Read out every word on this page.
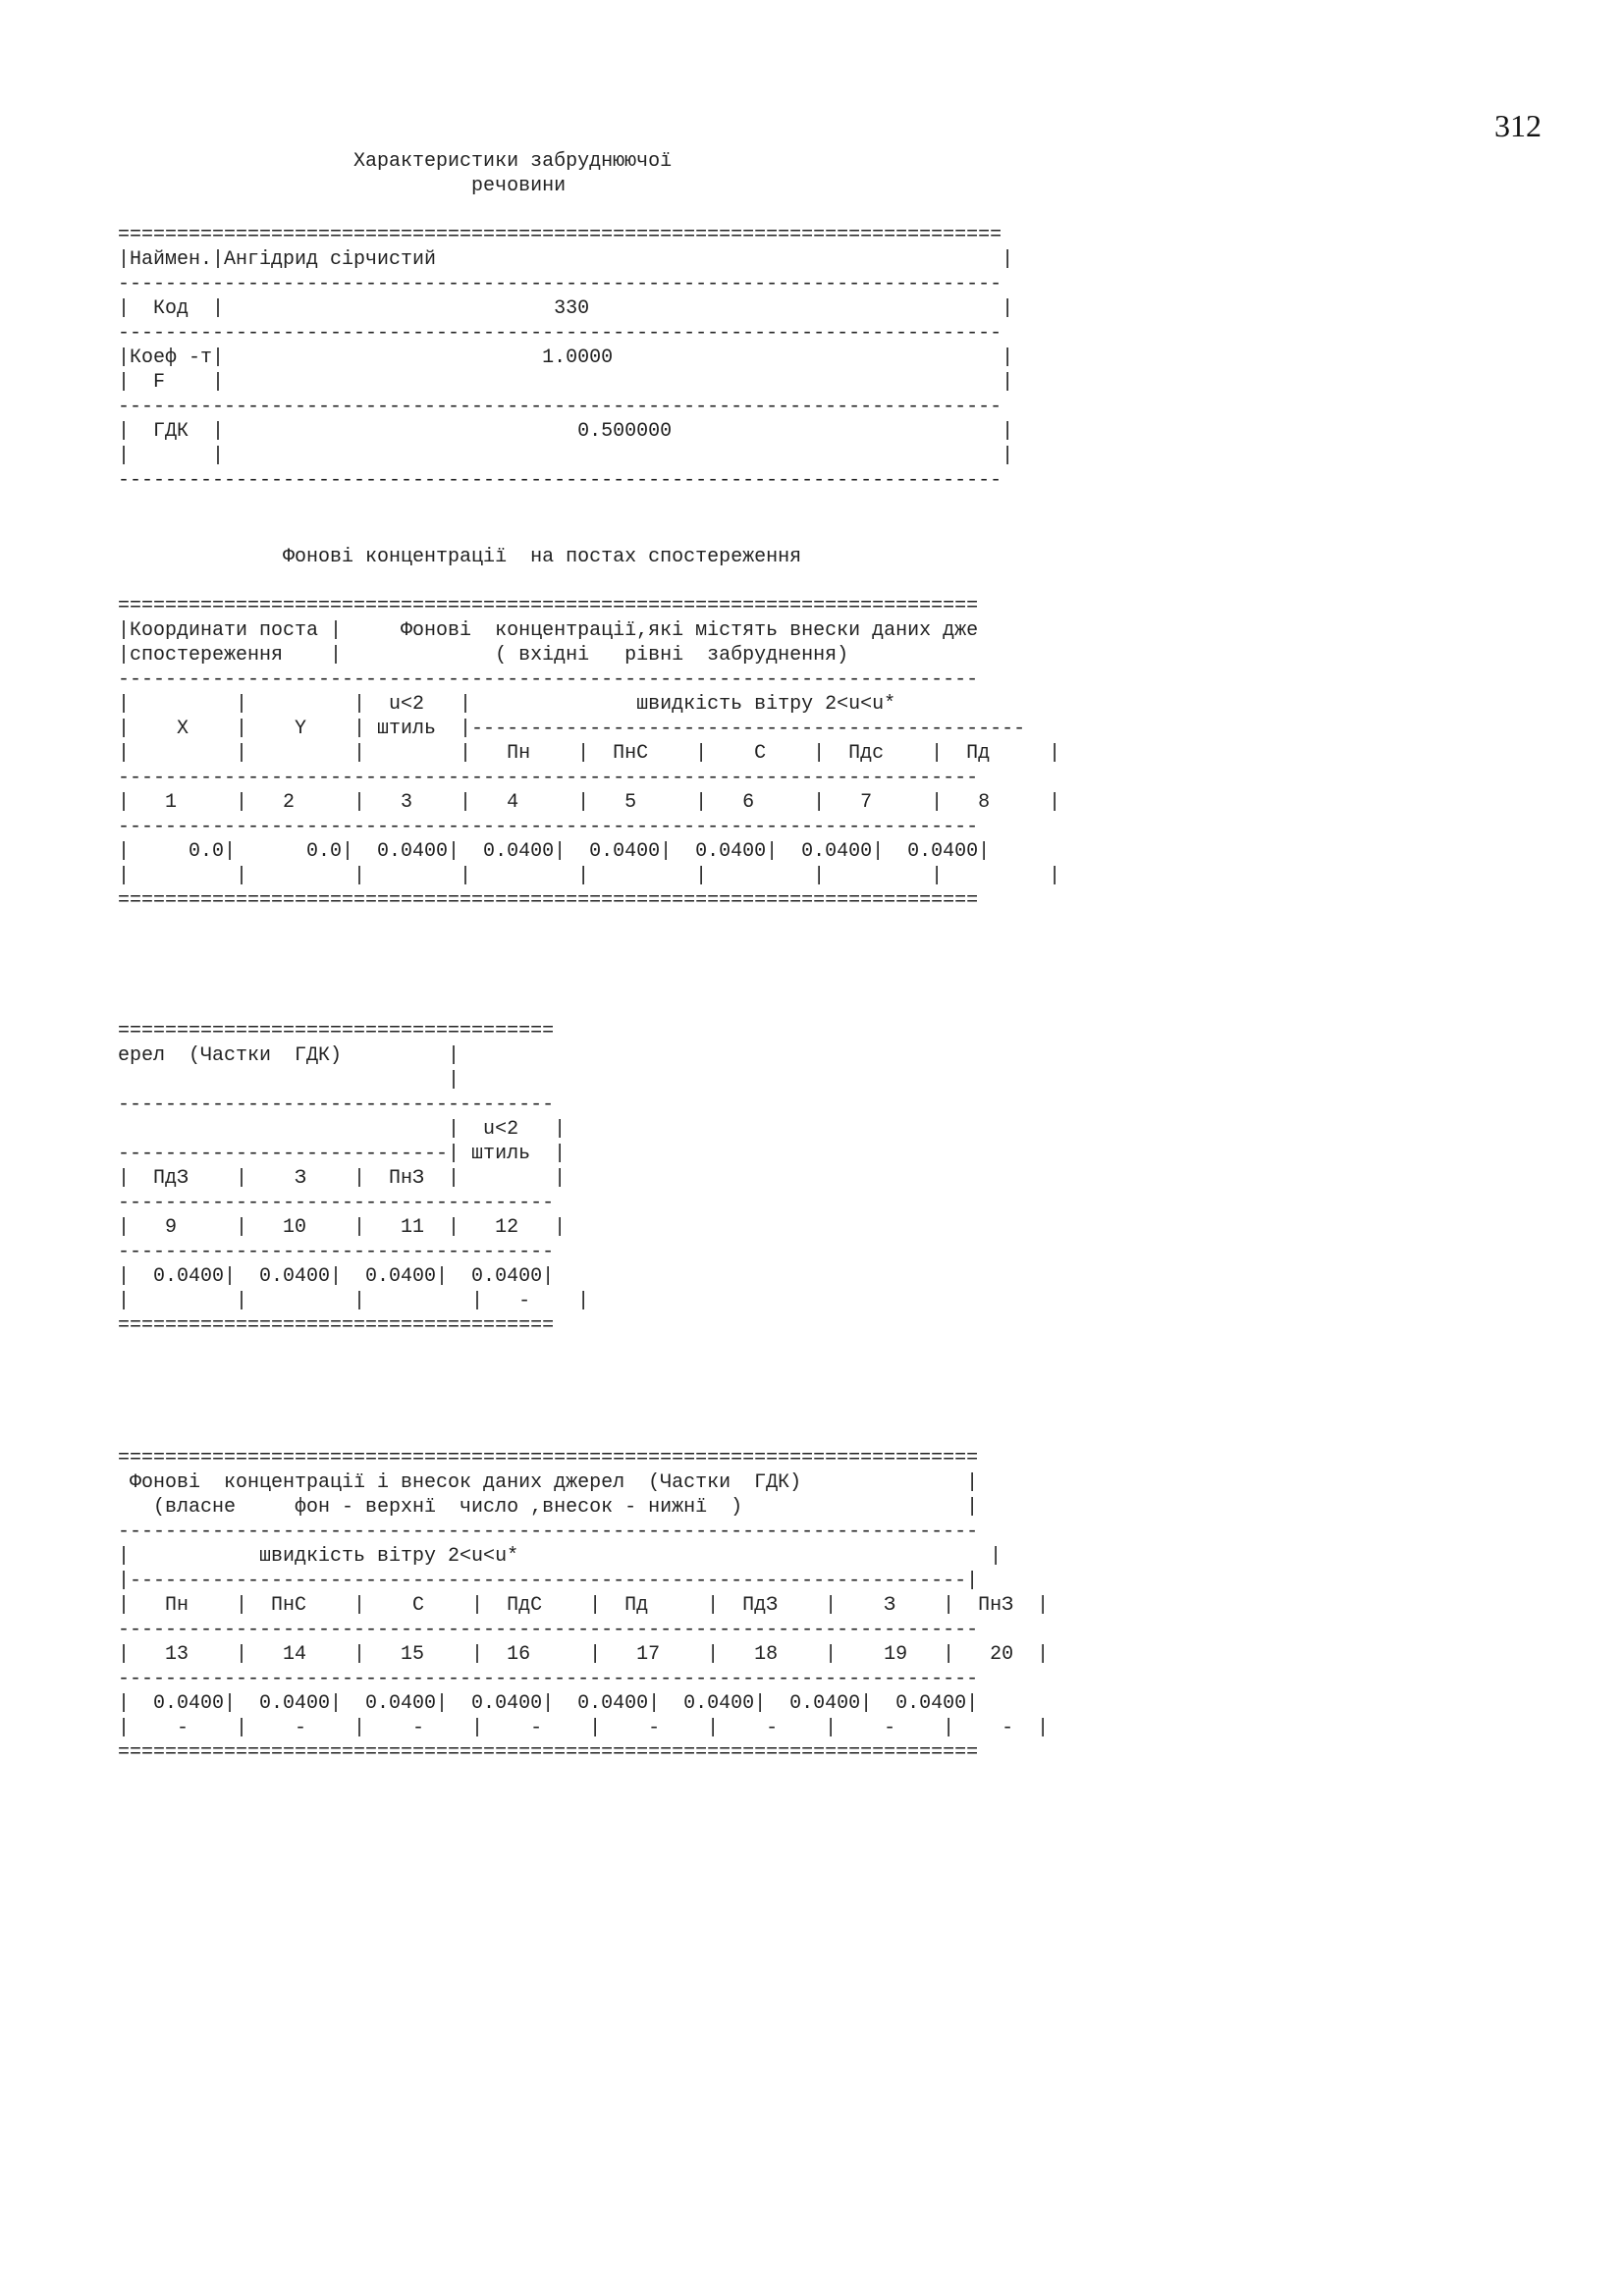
312
Характеристики забруднюючої
речовини

===========================================================================
|Наймен.|Ангідрид сірчистий                                                |
---------------------------------------------------------------------------
|  Код  |                            330                                   |
---------------------------------------------------------------------------
|Коеф -т|                           1.0000                                 |
|  F    |                                                                  |
---------------------------------------------------------------------------
|  ГДК  |                              0.500000                            |
|       |                                                                  |
---------------------------------------------------------------------------
Фонові концентрації  на постах спостереження

=========================================================================
|Координати поста |     Фонові  концентрації,які містять внески даних дже
|спостереження    |             ( вхідні   рівні  забруднення)
-------------------------------------------------------------------------
|         |         |  u<2   |              швидкість вітру 2<u<u*
|    X    |    Y    | штиль  |-----------------------------------------------
|         |         |        |   Пн    |  ПнС    |    С    |  Пдс    |  Пд     |
-------------------------------------------------------------------------
|   1     |   2     |   3    |   4     |   5     |   6     |   7     |   8     |
-------------------------------------------------------------------------
|     0.0|      0.0|  0.0400|  0.0400|  0.0400|  0.0400|  0.0400|  0.0400|
|         |         |        |         |         |         |         |         |
=========================================================================
=====================================
ерел  (Частки  ГДК)         |
|
-------------------------------------
|  u<2   |
----------------------------| штиль  |
|  ПдЗ    |    З    |  ПнЗ  |        |
-------------------------------------
|   9     |   10    |   11  |   12   |
-------------------------------------
|  0.0400|  0.0400|  0.0400|  0.0400|
|         |         |         |   -    |
=====================================
=========================================================================
Фонові  концентрації і внесок даних джерел  (Частки  ГДК)              |
(власне     фон - верхнї  число ,внесок - нижнї  )                   |
-------------------------------------------------------------------------
|           швидкість вітру 2<u<u*                                        |
|-----------------------------------------------------------------------|
|   Пн    |  ПнС    |    С    |  ПдС    |  Пд     |  ПдЗ    |    З    |  ПнЗ  |
-------------------------------------------------------------------------
|   13    |   14    |   15    |  16     |   17    |   18    |    19   |   20  |
-------------------------------------------------------------------------
|  0.0400|  0.0400|  0.0400|  0.0400|  0.0400|  0.0400|  0.0400|  0.0400|
|    -    |    -    |    -    |    -    |    -    |    -    |    -    |    -  |
=========================================================================
